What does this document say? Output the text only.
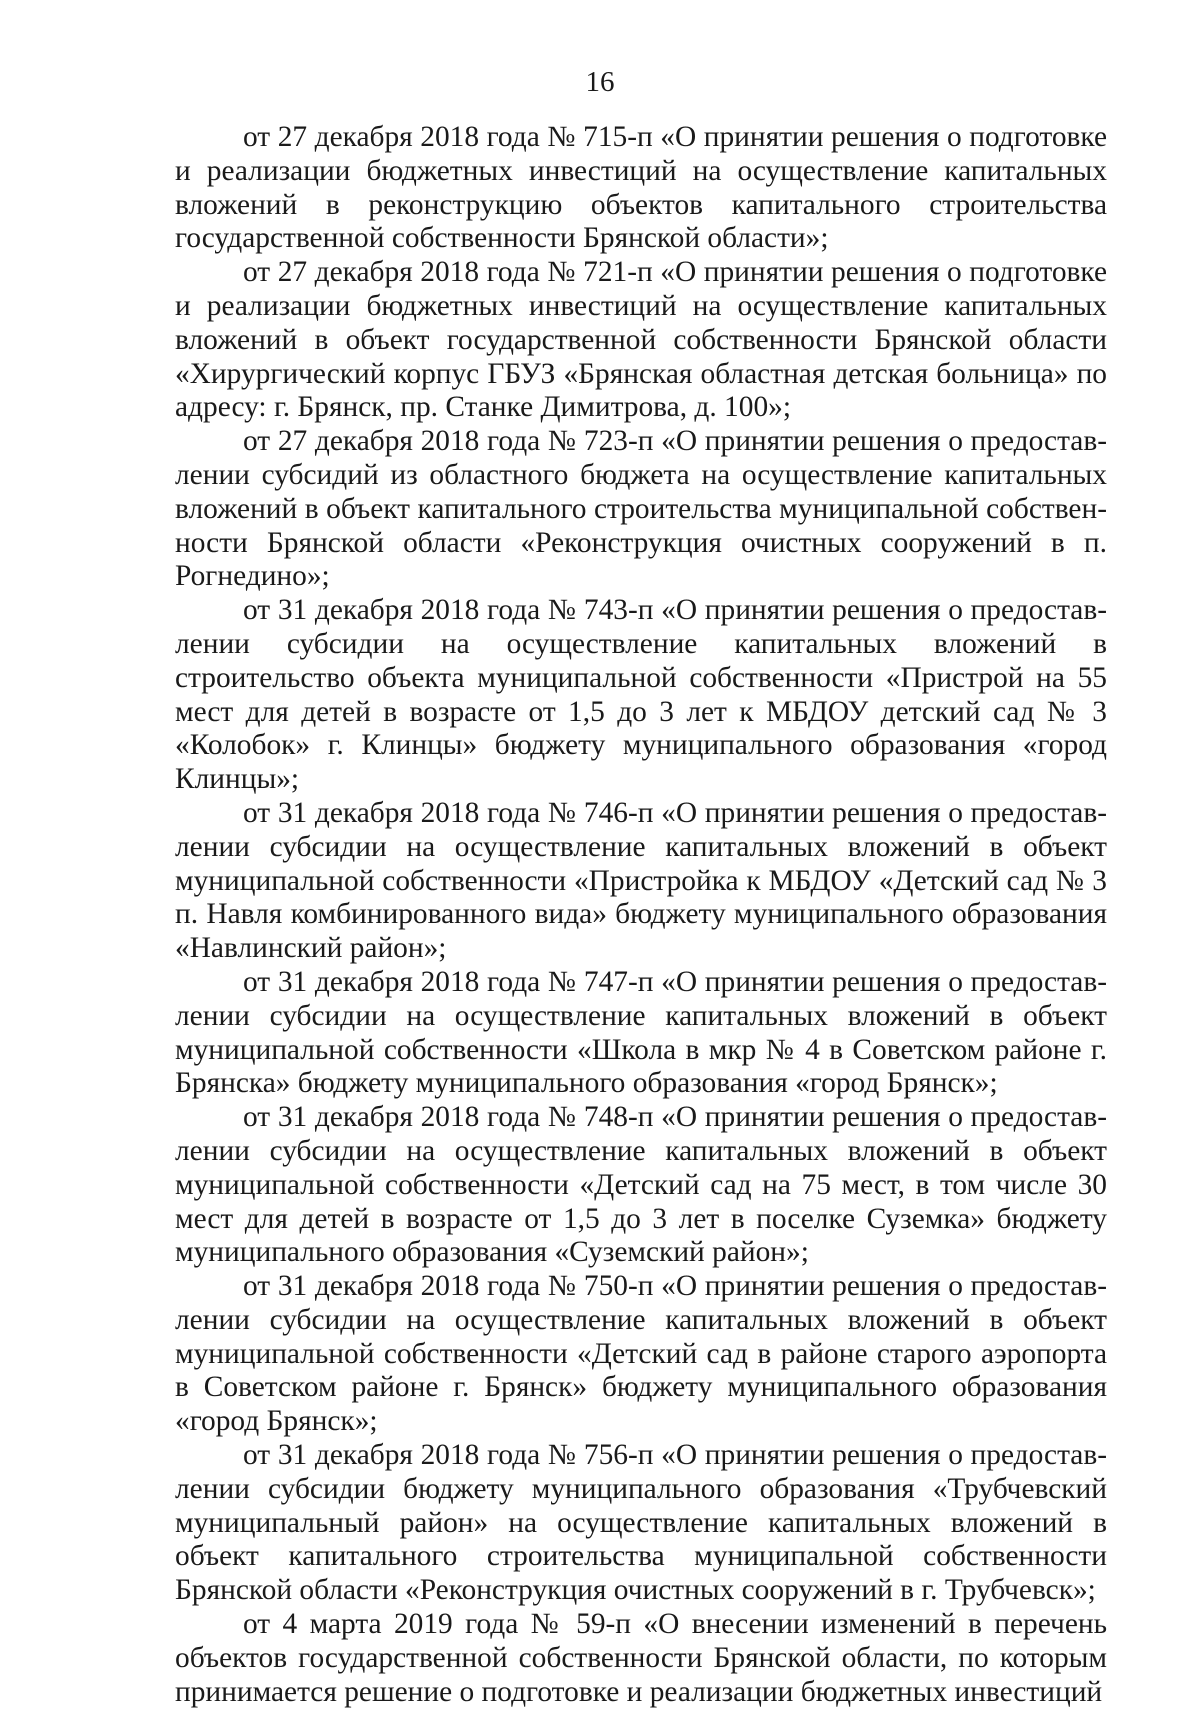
16

от 27 декабря 2018 года № 715-п «О принятии решения о подготовке и реализации бюджетных инвестиций на осуществление капитальных вложений в реконструкцию объектов капитального строительства государственной собственности Брянской области»;

от 27 декабря 2018 года № 721-п «О принятии решения о подготовке и реализации бюджетных инвестиций на осуществление капитальных вложений в объект государственной собственности Брянской области «Хирургический корпус ГБУЗ «Брянская областная детская больница» по адресу: г. Брянск, пр. Станке Димитрова, д. 100»;

от 27 декабря 2018 года № 723-п «О принятии решения о предоставлении субсидий из областного бюджета на осуществление капитальных вложений в объект капитального строительства муниципальной собственности Брянской области «Реконструкция очистных сооружений в п. Рогнедино»;

от 31 декабря 2018 года № 743-п «О принятии решения о предоставлении субсидии на осуществление капитальных вложений в строительство объекта муниципальной собственности «Пристрой на 55 мест для детей в возрасте от 1,5 до 3 лет к МБДОУ детский сад № 3 «Колобок» г. Клинцы» бюджету муниципального образования «город Клинцы»;

от 31 декабря 2018 года № 746-п «О принятии решения о предоставлении субсидии на осуществление капитальных вложений в объект муниципальной собственности «Пристройка к МБДОУ «Детский сад № 3 п. Навля комбинированного вида» бюджету муниципального образования «Навлинский район»;

от 31 декабря 2018 года № 747-п «О принятии решения о предоставлении субсидии на осуществление капитальных вложений в объект муниципальной собственности «Школа в мкр № 4 в Советском районе г. Брянска» бюджету муниципального образования «город Брянск»;

от 31 декабря 2018 года № 748-п «О принятии решения о предоставлении субсидии на осуществление капитальных вложений в объект муниципальной собственности «Детский сад на 75 мест, в том числе 30 мест для детей в возрасте от 1,5 до 3 лет в поселке Суземка» бюджету муниципального образования «Суземский район»;

от 31 декабря 2018 года № 750-п «О принятии решения о предоставлении субсидии на осуществление капитальных вложений в объект муниципальной собственности «Детский сад в районе старого аэропорта в Советском районе г. Брянск» бюджету муниципального образования «город Брянск»;

от 31 декабря 2018 года № 756-п «О принятии решения о предоставлении субсидии бюджету муниципального образования «Трубчевский муниципальный район» на осуществление капитальных вложений в объект капитального строительства муниципальной собственности Брянской области «Реконструкция очистных сооружений в г. Трубчевск»;

от 4 марта 2019 года № 59-п «О внесении изменений в перечень объектов государственной собственности Брянской области, по которым принимается решение о подготовке и реализации бюджетных инвестиций
